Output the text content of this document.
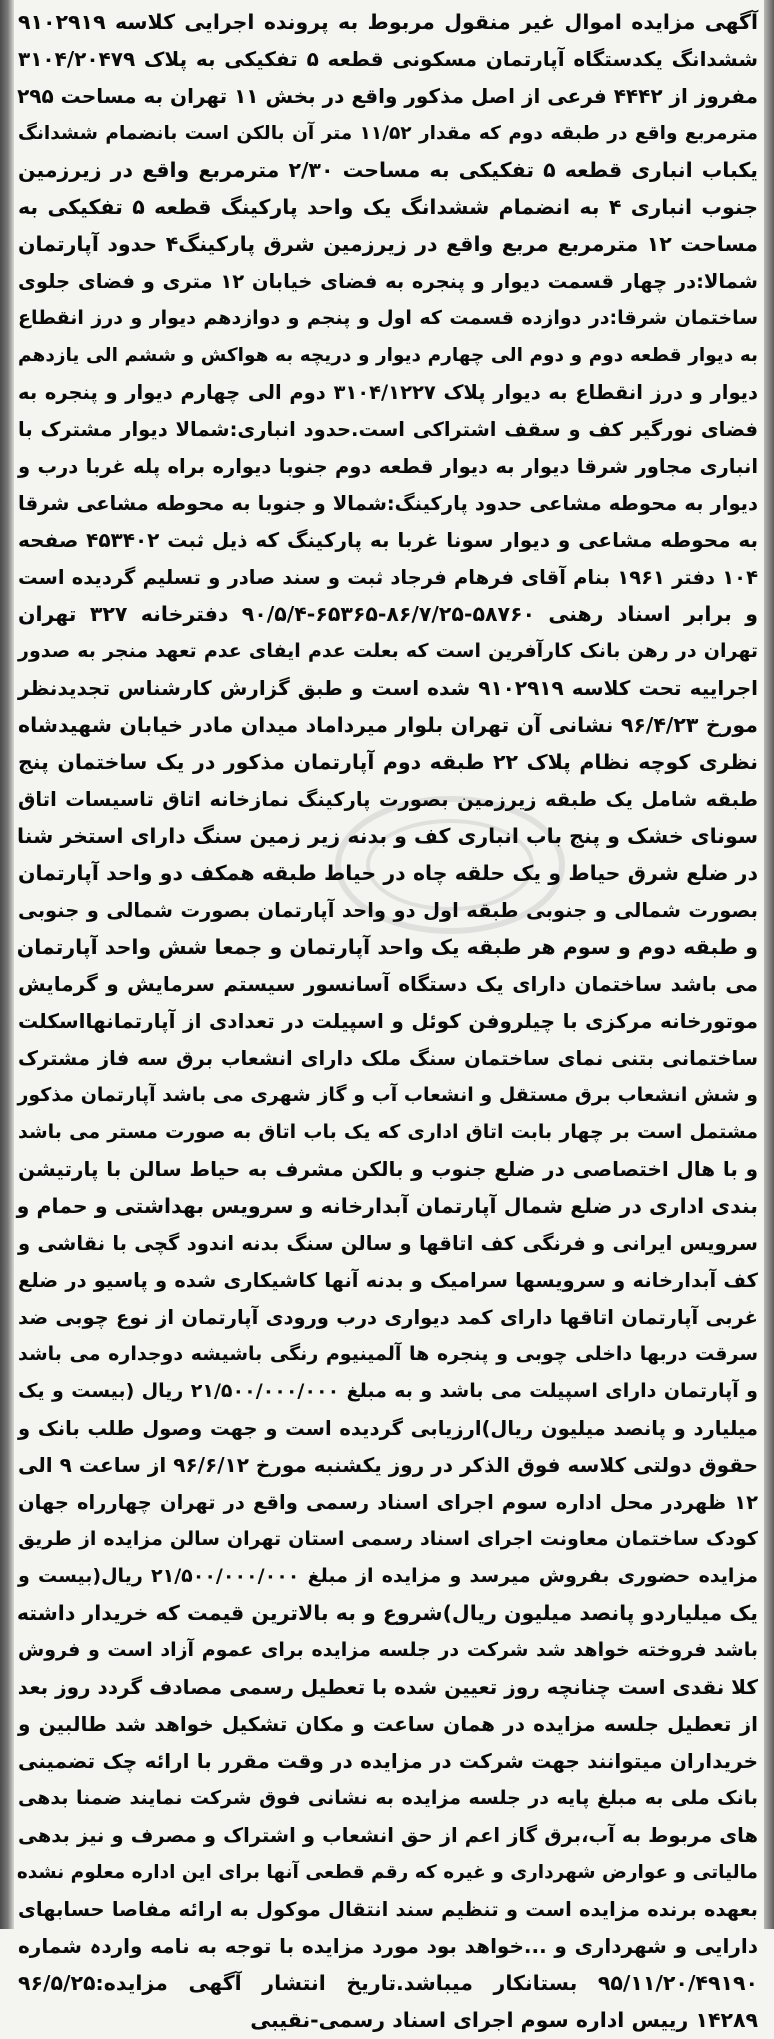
آگهی مزایده اموال غیر منقول مربوط به پرونده اجرایی کلاسه ۹۱۰۲۹۱۹
ششدانگ یکدستگاه آپارتمان مسکونی قطعه ۵ تفکیکی به پلاک ۳۱۰۴/۲۰۴۷۹
مفروز از ۴۴۴۲ فرعی از اصل مذکور واقع در بخش ۱۱ تهران به مساحت ۲۹۵
مترمربع واقع در طبقه دوم که مقدار ۱۱/۵۲ متر آن بالکن است بانضمام ششدانگ
یکباب انباری قطعه ۵ تفکیکی به مساحت ۲/۳۰ مترمربع واقع در زیرزمین
جنوب انباری ۴ به انضمام ششدانگ یک واحد پارکینگ قطعه ۵ تفکیکی به
مساحت ۱۲ مترمربع مربع واقع در زیرزمین شرق پارکینگ۴ حدود آپارتمان
شمالا:در چهار قسمت دیوار و پنجره به فضای خیابان ۱۲ متری و فضای جلوی
ساختمان شرقا:در دوازده قسمت که اول و پنجم و دوازدهم دیوار و درز انقطاع
به دیوار قطعه دوم و دوم الی چهارم دیوار و دریچه به هواکش و ششم الی یازدهم
دیوار و درز انقطاع به دیوار پلاک ۳۱۰۴/۱۲۲۷ دوم الی چهارم دیوار و پنجره به
فضای نورگیر کف و سقف اشتراکی است.حدود انباری:شمالا دیوار مشترک با
انباری مجاور شرقا دیوار به دیوار قطعه دوم جنوبا دیواره براه پله غربا درب و
دیوار به محوطه مشاعی حدود پارکینگ:شمالا و جنوبا به محوطه مشاعی شرقا
به محوطه مشاعی و دیوار سونا غربا به پارکینگ که ذیل ثبت ۴۵۳۴۰۲ صفحه
۱۰۴ دفتر ۱۹۶۱ بنام آقای فرهام فرجاد ثبت و سند صادر و تسلیم گردیده است
و برابر اسناد رهنی ۵۸۷۶۰-۸۶/۷/۲۵-۶۵۳۶۵-۹۰/۵/۴ دفترخانه ۳۲۷ تهران
تهران در رهن بانک کارآفرین است که بعلت عدم ایفای عدم تعهد منجر به صدور
اجراییه تحت کلاسه ۹۱۰۲۹۱۹ شده است و طبق گزارش کارشناس تجدیدنظر
مورخ ۹۶/۴/۲۳ نشانی آن تهران بلوار میرداماد میدان مادر خیابان شهیدشاه
نظری کوچه نظام پلاک ۲۲ طبقه دوم آپارتمان مذکور در یک ساختمان پنج
طبقه شامل یک طبقه زیرزمین بصورت پارکینگ نمازخانه اتاق تاسیسات اتاق
سونای خشک و پنج باب انباری کف و بدنه زیر زمین سنگ دارای استخر شنا
در ضلع شرق حیاط و یک حلقه چاه در حیاط طبقه همکف دو واحد آپارتمان
بصورت شمالی و جنوبی طبقه اول دو واحد آپارتمان بصورت شمالی و جنوبی
و طبقه دوم و سوم هر طبقه یک واحد آپارتمان و جمعا شش واحد آپارتمان
می باشد ساختمان دارای یک دستگاه آسانسور سیستم سرمایش و گرمایش
موتورخانه مرکزی با چیلروفن کوئل و اسپیلت در تعدادی از آپارتمانهااسکلت
ساختمانی بتنی نمای ساختمان سنگ ملک دارای انشعاب برق سه فاز مشترک
و شش انشعاب برق مستقل و انشعاب آب و گاز شهری می باشد آپارتمان مذکور
مشتمل است بر چهار بابت اتاق اداری که یک باب اتاق به صورت مستر می باشد
و با هال اختصاصی در ضلع جنوب و بالکن مشرف به حیاط سالن با پارتیشن
بندی اداری در ضلع شمال آپارتمان آبدارخانه و سرویس بهداشتی و حمام و
سرویس ایرانی و فرنگی کف اتاقها و سالن سنگ بدنه اندود گچی با نقاشی و
کف آبدارخانه و سرویسها سرامیک و بدنه آنها کاشیکاری شده و پاسیو در ضلع
غربی آپارتمان اتاقها دارای کمد دیواری درب ورودی آپارتمان از نوع چوبی ضد
سرقت دربها داخلی چوبی و پنجره ها آلمینیوم رنگی باشیشه دوجداره می باشد
و آپارتمان دارای اسپیلت می باشد و به مبلغ ۲۱/۵۰۰/۰۰۰/۰۰۰ ریال (بیست و یک
میلیارد و پانصد میلیون ریال)ارزیابی گردیده است و جهت وصول طلب بانک و
حقوق دولتی کلاسه فوق الذکر در روز یکشنبه مورخ ۹۶/۶/۱۲ از ساعت ۹ الی
۱۲ ظهردر محل اداره سوم اجرای اسناد رسمی واقع در تهران چهارراه جهان
کودک ساختمان معاونت اجرای اسناد رسمی استان تهران سالن مزایده از طریق
مزایده حضوری بفروش میرسد و مزایده از مبلغ ۲۱/۵۰۰/۰۰۰/۰۰۰ ریال(بیست و
یک میلیاردو پانصد میلیون ریال)شروع و به بالاترین قیمت که خریدار داشته
باشد فروخته خواهد شد شرکت در جلسه مزایده برای عموم آزاد است و فروش
کلا نقدی است چنانچه روز تعیین شده با تعطیل رسمی مصادف گردد روز بعد
از تعطیل جلسه مزایده در همان ساعت و مکان تشکیل خواهد شد طالبین و
خریداران میتوانند جهت شرکت در مزایده در وقت مقرر با ارائه چک تضمینی
بانک ملی به مبلغ پایه در جلسه مزایده به نشانی فوق شرکت نمایند ضمنا بدهی
های مربوط به آب،برق گاز اعم از حق انشعاب و اشتراک و مصرف و نیز بدهی
مالیاتی و عوارض شهرداری و غیره که رقم قطعی آنها برای این اداره معلوم نشده
بعهده برنده مزایده است و تنظیم سند انتقال موکول به ارائه مفاصا حسابهای
دارایی و شهرداری و ...خواهد بود مورد مزایده با توجه به نامه واردہ شماره
۹۵/۱۱/۲۰/۴۹۱۹۰ بستانکار میباشد.تاریخ انتشار آگهی مزایده:۹۶/۵/۲۵
۱۴۲۸۹ رییس اداره سوم اجرای اسناد رسمی-نقیبی
